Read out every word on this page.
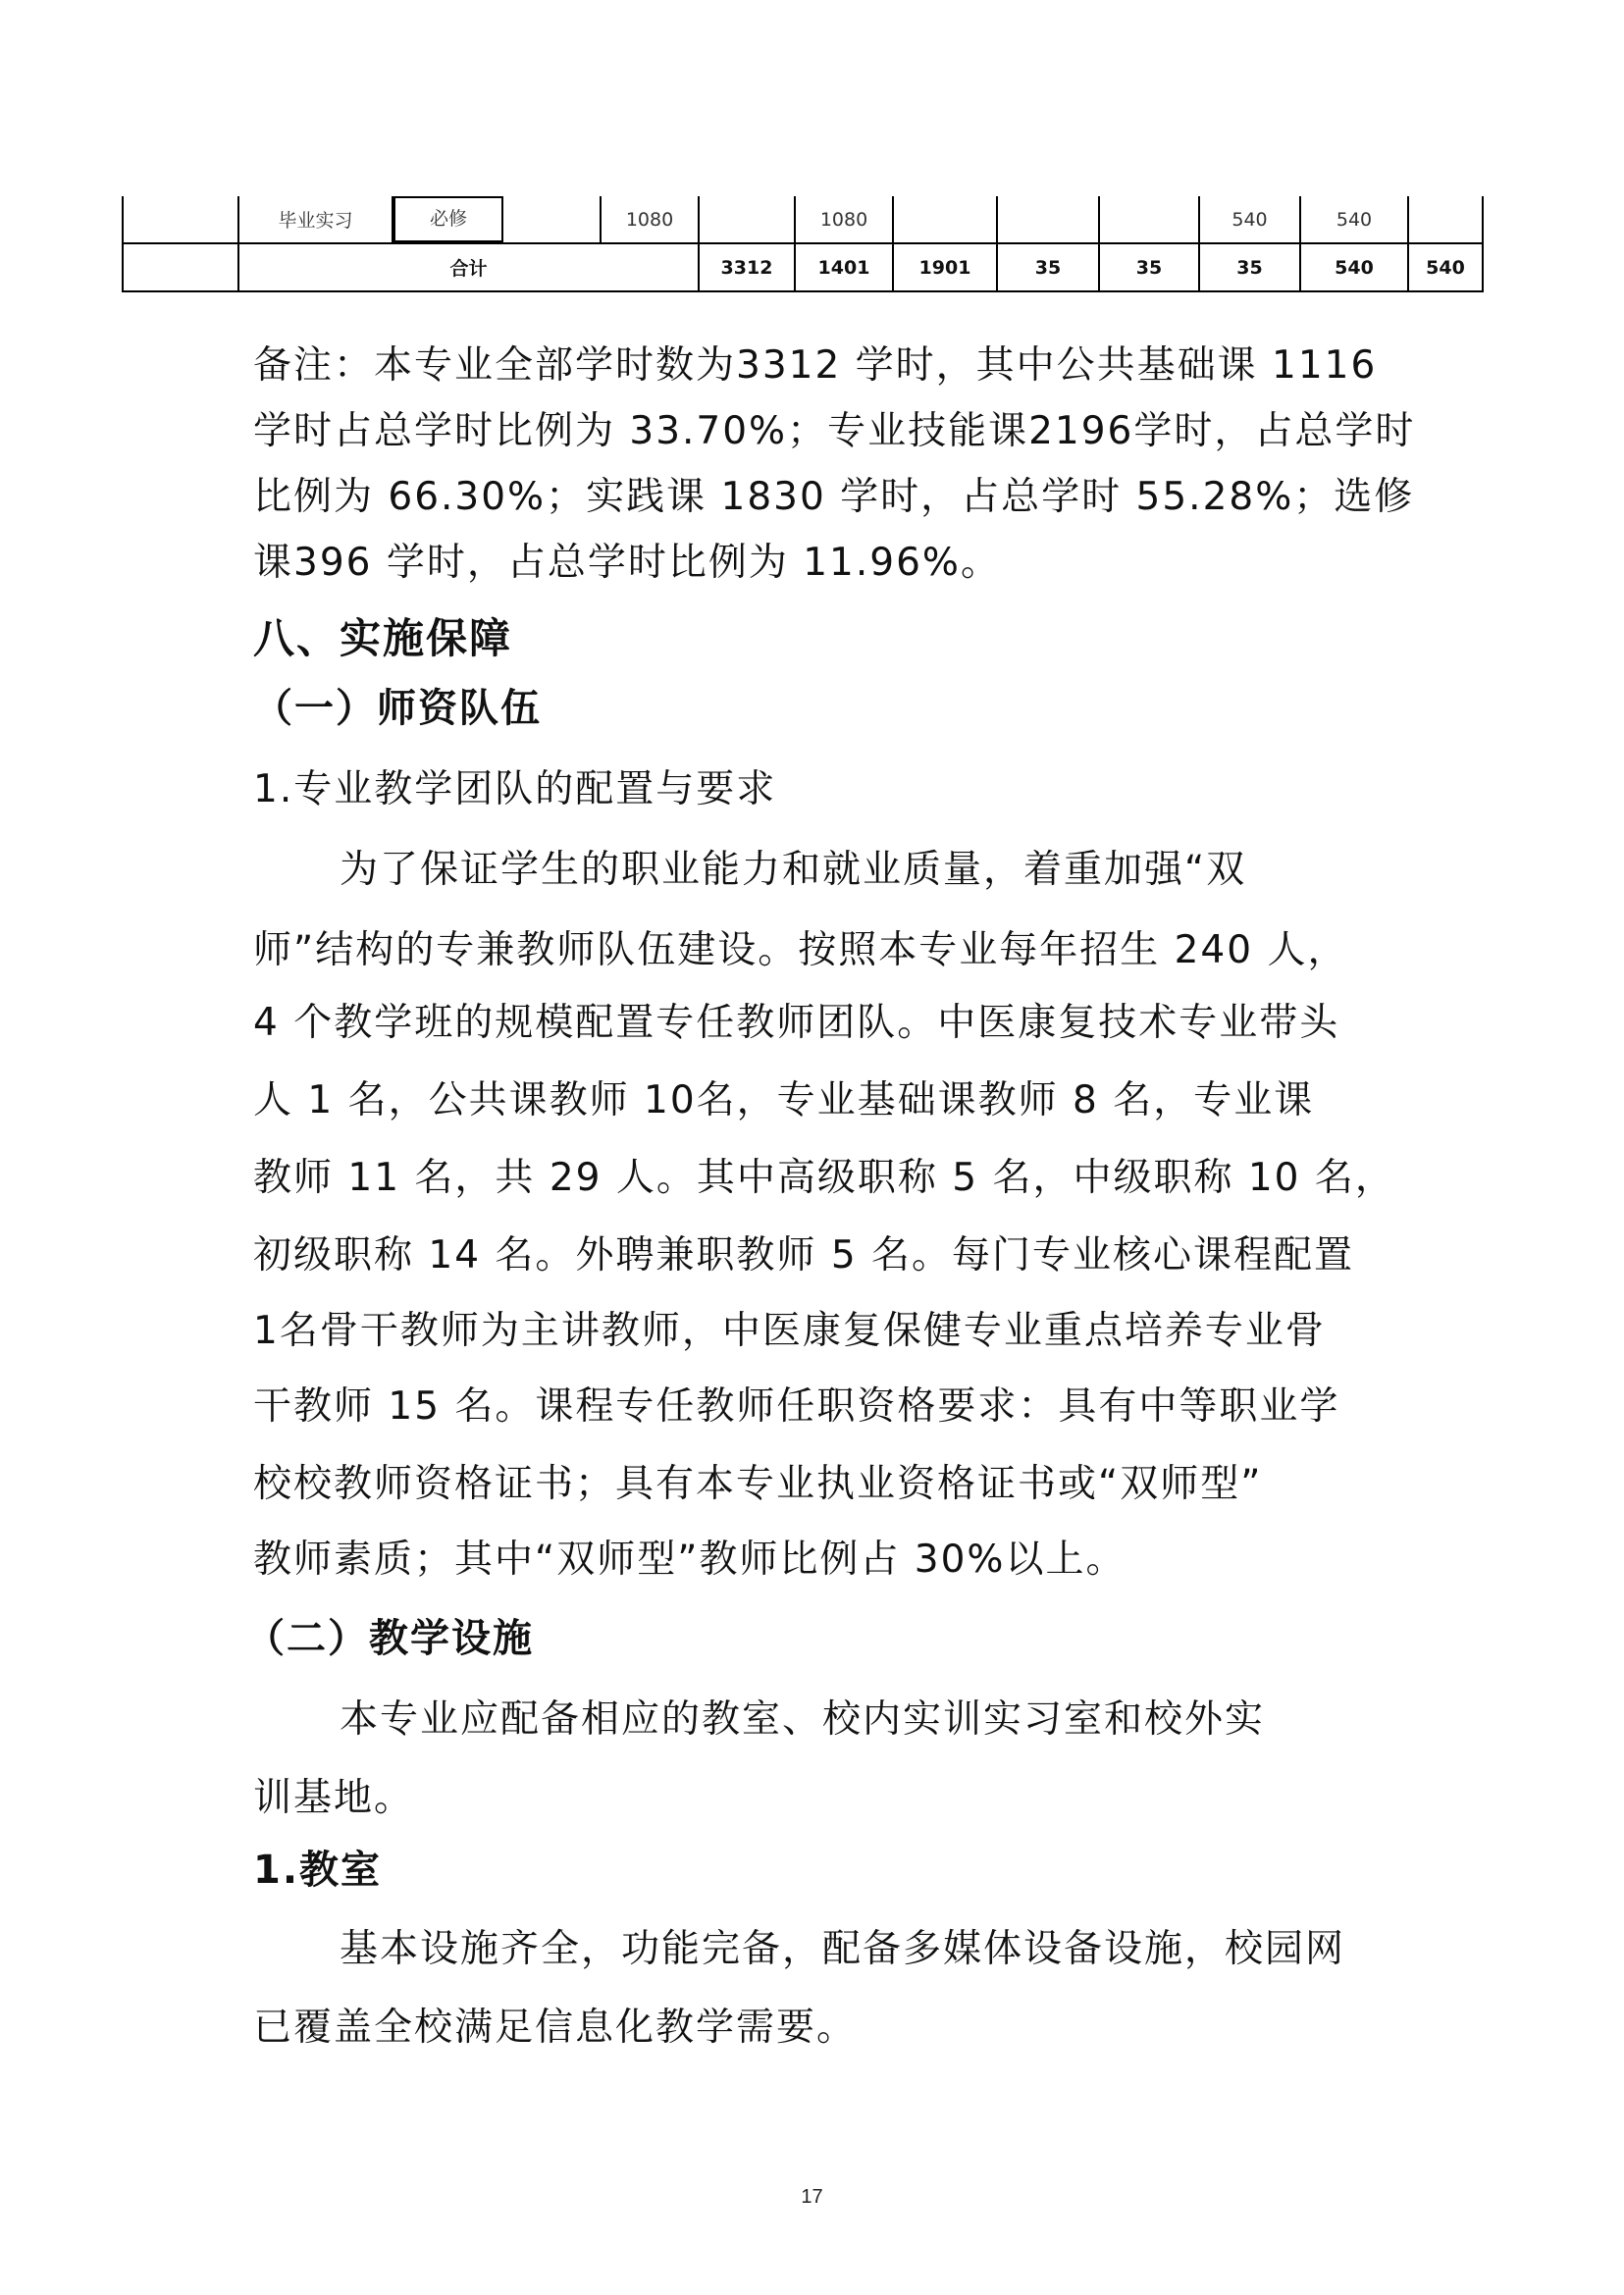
	毕业实习	必修		1080		1080				540	540	
	合计				3312	1401	1901	35	35	35	540	540
备注：本专业全部学时数为3312 学时，其中公共基础课 1116
学时占总学时比例为 33.70%；专业技能课2196学时，占总学时
比例为 66.30%；实践课 1830 学时，占总学时 55.28%；选修
课396 学时，占总学时比例为 11.96%。
八、实施保障
（一）师资队伍
1.专业教学团队的配置与要求
为了保证学生的职业能力和就业质量，着重加强“双
师”结构的专兼教师队伍建设。按照本专业每年招生 240 人，
4 个教学班的规模配置专任教师团队。中医康复技术专业带头
人 1 名，公共课教师 10名，专业基础课教师 8 名，专业课
教师 11 名，共 29 人。其中高级职称 5 名，中级职称 10 名，
初级职称 14 名。外聘兼职教师 5 名。每门专业核心课程配置
1名骨干教师为主讲教师，中医康复保健专业重点培养专业骨
干教师 15 名。课程专任教师任职资格要求：具有中等职业学
校校教师资格证书；具有本专业执业资格证书或“双师型”
教师素质；其中“双师型”教师比例占 30%以上。
（二）教学设施
本专业应配备相应的教室、校内实训实习室和校外实
训基地。
1.教室
基本设施齐全，功能完备，配备多媒体设备设施，校园网
已覆盖全校满足信息化教学需要。
17
